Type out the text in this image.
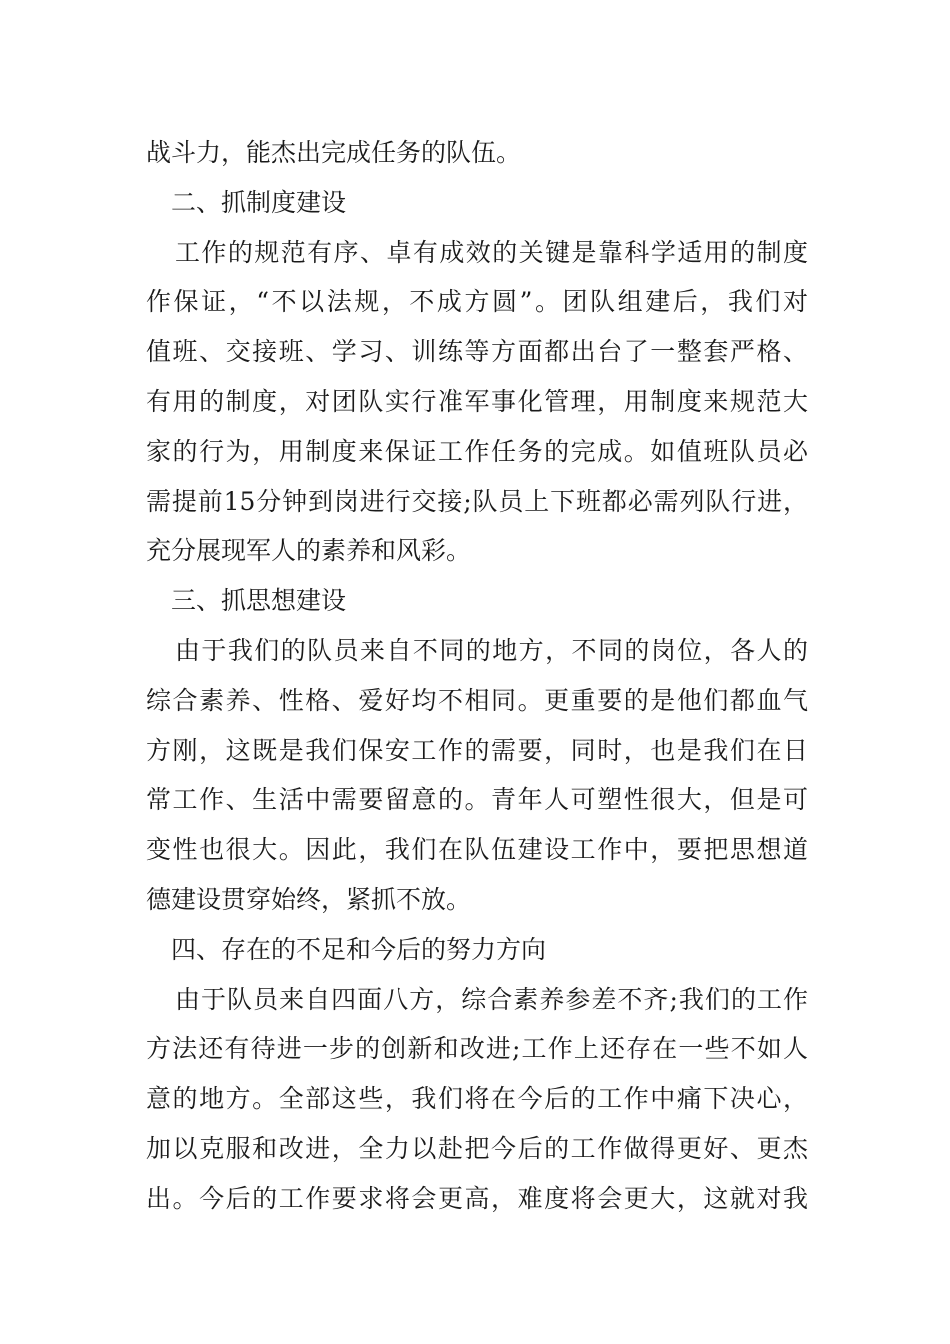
战斗力，能杰出完成任务的队伍。
二、抓制度建设
工作的规范有序、卓有成效的关键是靠科学适用的制度
作保证，“不以法规，不成方圆”。团队组建后，我们对
值班、交接班、学习、训练等方面都出台了一整套严格、
有用的制度，对团队实行准军事化管理，用制度来规范大
家的行为，用制度来保证工作任务的完成。如值班队员必
需提前15分钟到岗进行交接;队员上下班都必需列队行进，
充分展现军人的素养和风彩。
三、抓思想建设
由于我们的队员来自不同的地方，不同的岗位，各人的
综合素养、性格、爱好均不相同。更重要的是他们都血气
方刚，这既是我们保安工作的需要，同时，也是我们在日
常工作、生活中需要留意的。青年人可塑性很大，但是可
变性也很大。因此，我们在队伍建设工作中，要把思想道
德建设贯穿始终，紧抓不放。
四、存在的不足和今后的努力方向
由于队员来自四面八方，综合素养参差不齐;我们的工作
方法还有待进一步的创新和改进;工作上还存在一些不如人
意的地方。全部这些，我们将在今后的工作中痛下决心，
加以克服和改进，全力以赴把今后的工作做得更好、更杰
出。今后的工作要求将会更高，难度将会更大，这就对我
